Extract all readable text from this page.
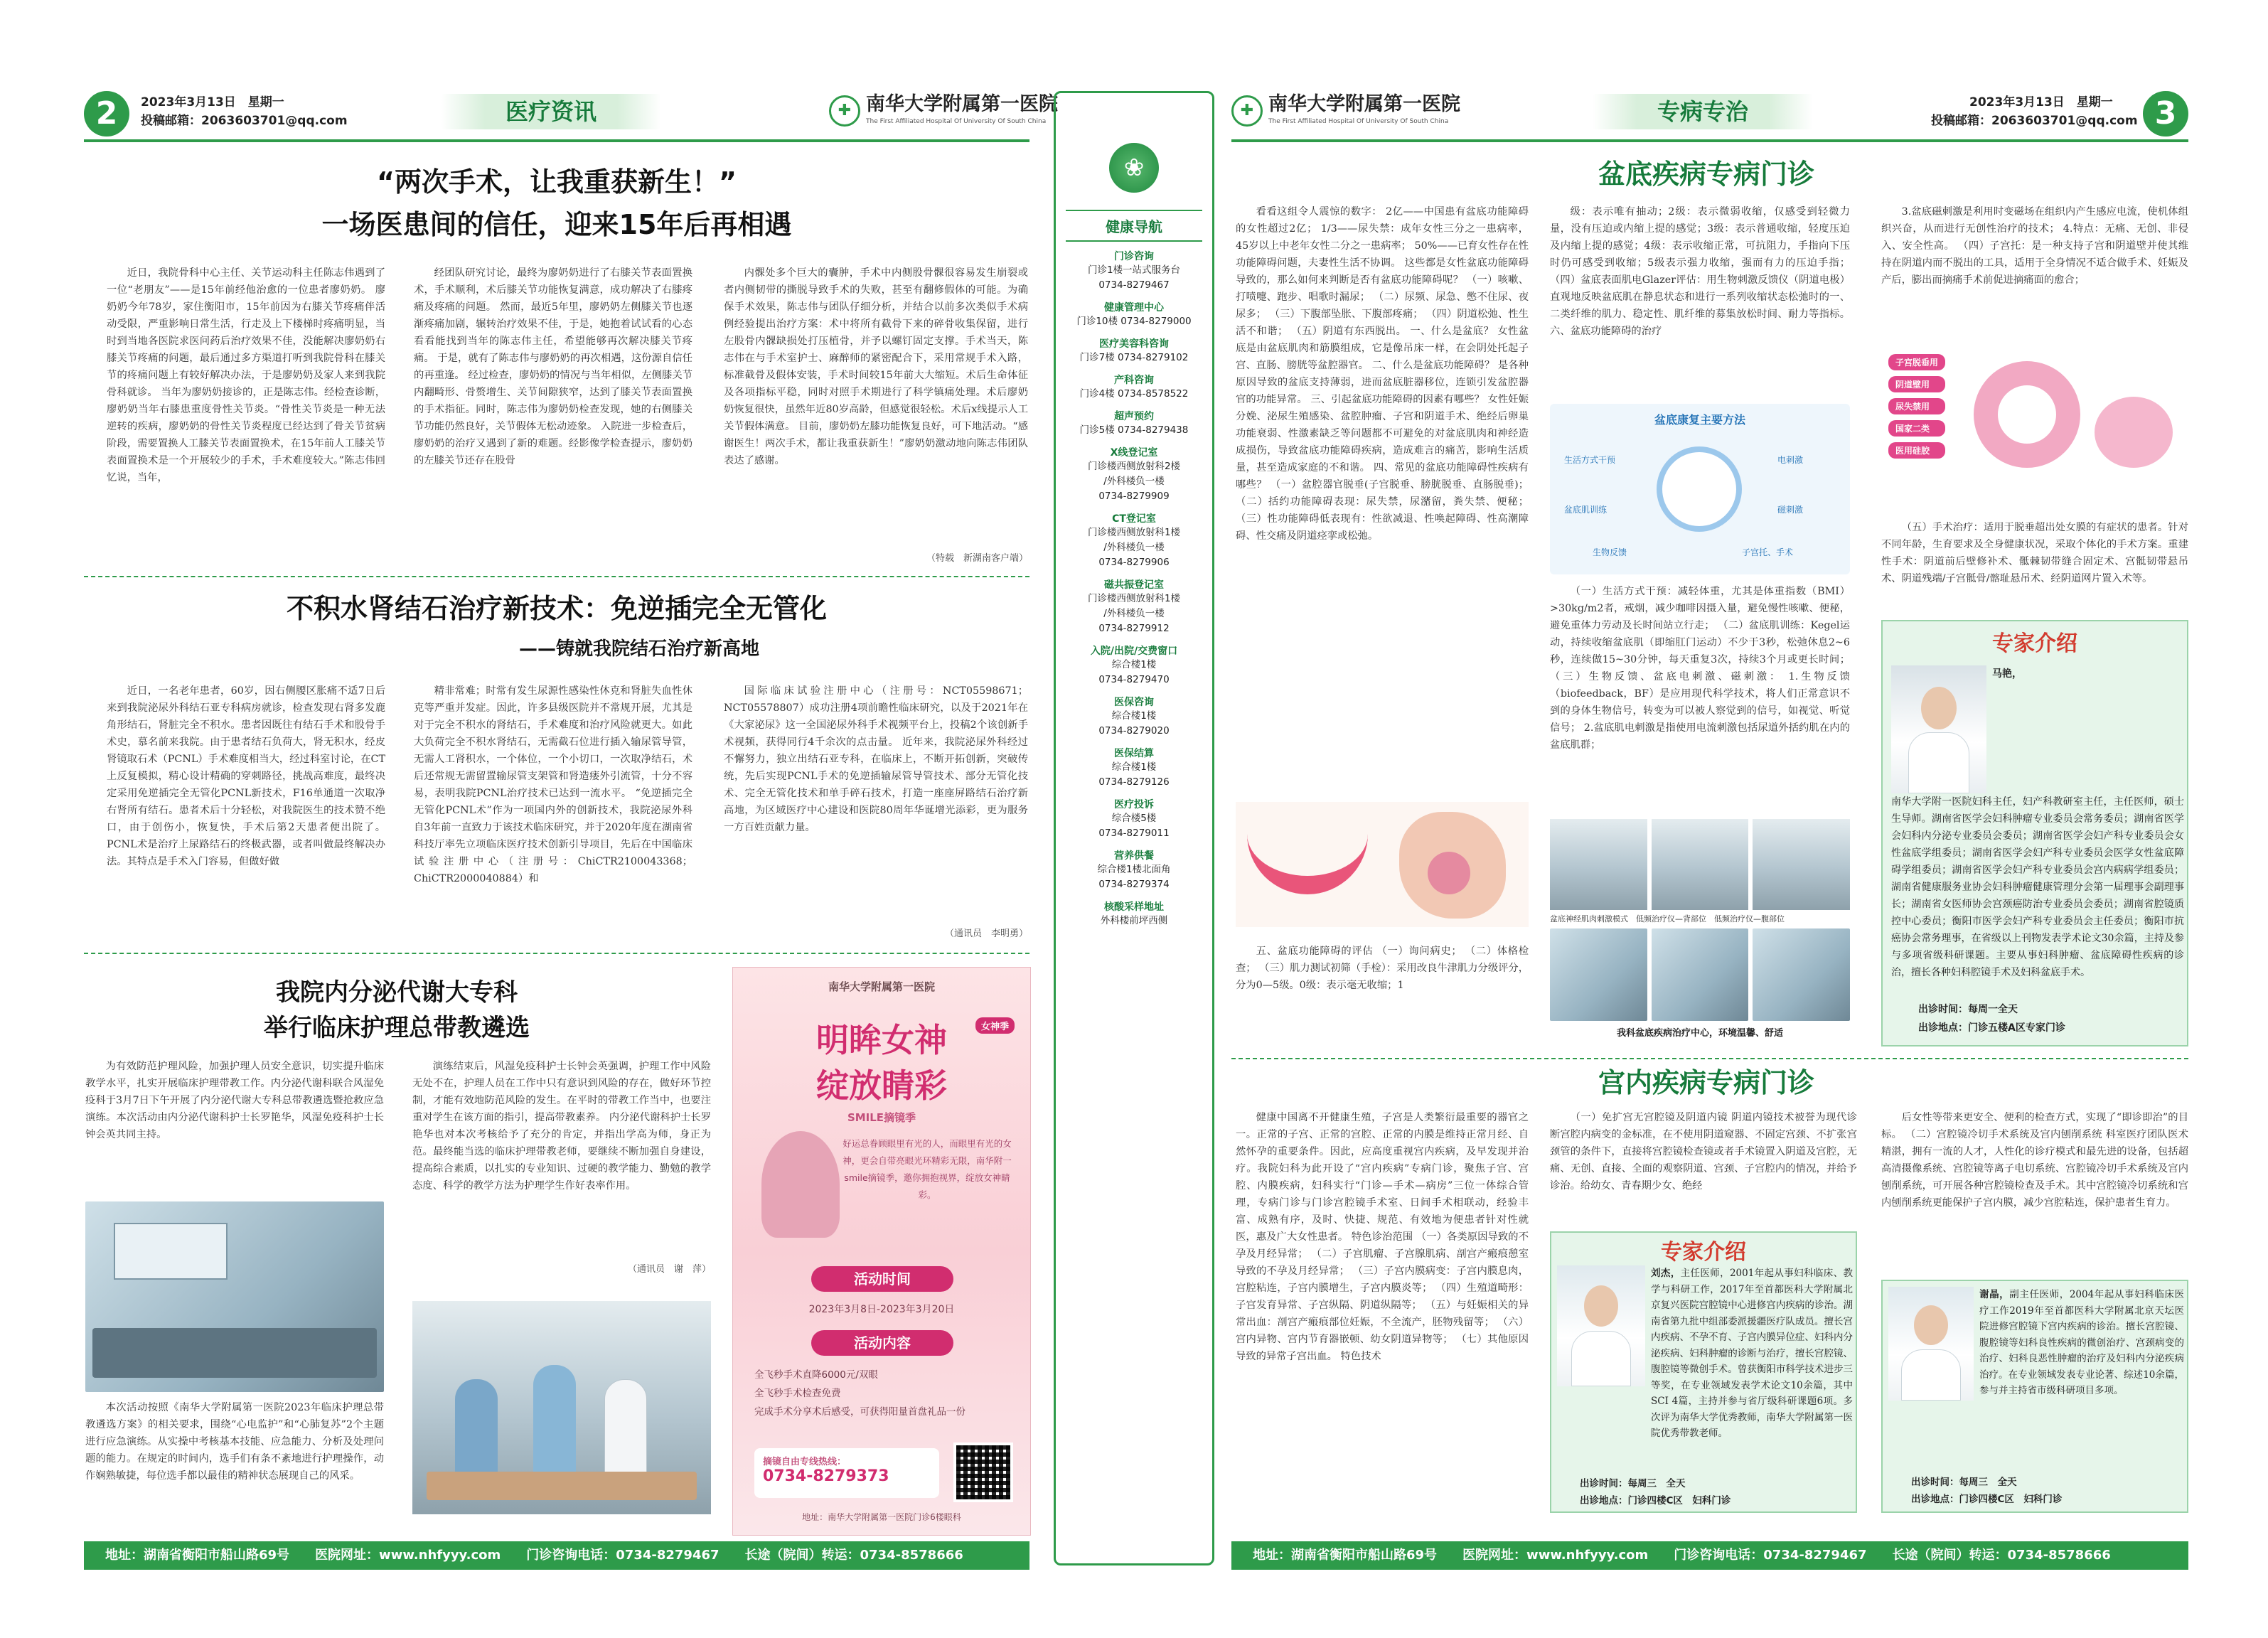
2	2023年3月13日　星期一
投稿邮箱：2063603701@qq.com	医疗资讯	✚ 南华大学附属第一医院
The First Affiliated Hospital Of University Of South China
“两次手术，让我重获新生！”
一场医患间的信任，迎来15年后再相遇
近日，我院骨科中心主任、关节运动科主任陈志伟遇到了一位“老朋友”——是15年前经他治愈的一位患者廖奶奶。 廖奶奶今年78岁，家住衡阳市，15年前因为右膝关节疼痛伴活动受限，严重影响日常生活，行走及上下楼梯时疼痛明显，当时到当地各医院求医问药后治疗效果不佳，没能解决廖奶奶右膝关节疼痛的问题，最后通过多方渠道打听到我院骨科在膝关节的疼痛问题上有较好解决办法，于是廖奶奶及家人来到我院骨科就诊。 当年为廖奶奶接诊的，正是陈志伟。经检查诊断，廖奶奶当年右膝患重度骨性关节炎。“骨性关节炎是一种无法逆转的疾病，廖奶奶的骨性关节炎程度已经达到了骨关节贫病阶段，需要置换人工膝关节表面置换术，在15年前人工膝关节表面置换术是一个开展较少的手术，手术难度较大。”陈志伟回忆说，当年，
经团队研究讨论，最终为廖奶奶进行了右膝关节表面置换术，手术顺利，术后膝关节功能恢复满意，成功解决了右膝疼痛及疼痛的问题。 然而，最近5年里，廖奶奶左侧膝关节也逐渐疼痛加剧，辗转治疗效果不佳，于是，她抱着试试看的心态看看能找到当年的陈志伟主任，希望能够再次解决膝关节疼痛。 于是，就有了陈志伟与廖奶奶的再次相遇，这份源自信任的再重逢。 经过检查，廖奶奶的情况与当年相似，左侧膝关节内翻畸形、骨赘增生、关节间隙狭窄，达到了膝关节表面置换的手术指征。同时，陈志伟为廖奶奶检查发现，她的右侧膝关节功能仍然良好，关节假体无松动迹象。 入院进一步检查后，廖奶奶的治疗又遇到了新的难题。经影像学检查提示，廖奶奶的左膝关节还存在股骨
内髁处多个巨大的囊肿，手术中内侧股骨髁很容易发生崩裂或者内侧韧带的撕脱导致手术的失败，甚至有翻修假体的可能。为确保手术效果，陈志伟与团队仔细分析，并结合以前多次类似手术病例经验提出治疗方案：术中将所有截骨下来的碎骨收集保留，进行左股骨内髁缺损处打压植骨，并予以螺钉固定支撑。手术当天，陈志伟在与手术室护士、麻醉师的紧密配合下，采用常规手术入路，标准截骨及假体安装，手术时间较15年前大大缩短。术后生命体征及各项指标平稳，同时对照手术期进行了科学镇痛处理。术后廖奶奶恢复很快，虽然年近80岁高龄，但感觉很轻松。术后x线提示人工关节假体满意。 目前，廖奶奶左膝功能恢复良好，可下地活动。“感谢医生！两次手术，都让我重获新生！”廖奶奶激动地向陈志伟团队表达了感谢。
（特载　新湖南客户端）
不积水肾结石治疗新技术：免逆插完全无管化
——铸就我院结石治疗新高地
近日，一名老年患者，60岁，因右侧腰区胀痛不适7日后来到我院泌尿外科结石亚专科病房就诊，检查发现右肾多发鹿角形结石，肾脏完全不积水。患者因既往有结石手术和股骨手术史，慕名前来我院。由于患者结石负荷大，肾无积水，经皮肾镜取石术（PCNL）手术难度相当大，经过科室讨论，在CT上反复模拟，精心设计精确的穿刺路径，挑战高难度，最终决定采用免逆插完全无管化PCNL新技术，F16单通道一次取净右肾所有结石。患者术后十分轻松，对我院医生的技术赞不绝口，由于创伤小，恢复快，手术后第2天患者便出院了。 PCNL术是治疗上尿路结石的终极武器，或者叫做最终解决办法。其特点是手术入门容易，但做好做
精非常难；时常有发生尿源性感染性休克和肾脏失血性休克等严重并发症。因此，许多县级医院并不常规开展，尤其是对于完全不积水的肾结石，手术难度和治疗风险就更大。如此大负荷完全不积水肾结石，无需截石位进行插入输尿管导管，无需人工肾积水，一个体位，一个小切口，一次取净结石，术后还常规无需留置输尿管支架管和肾造瘘外引流管，十分不容易，表明我院PCNL治疗技术已达到一流水平。 “免逆插完全无管化PCNL术”作为一项国内外的创新技术，我院泌尿外科自3年前一直致力于该技术临床研究，并于2020年度在湖南省科技厅率先立项临床医疗技术创新引导项目，先后在中国临床试验注册中心（注册号：ChiCTR2100043368；ChiCTR2000040884）和
国际临床试验注册中心（注册号：NCT05598671；NCT05578807）成功注册4项前瞻性临床研究，以及于2021年在《大家泌尿》这一全国泌尿外科手术视频平台上，投稿2个该创新手术视频，获得同行4千余次的点击量。 近年来，我院泌尿外科经过不懈努力，独立出结石亚专科，在临床上，不断开拓创新，突破传统，先后实现PCNL手术的免逆插输尿管导管技术、部分无管化技术、完全无管化技术和单手碎石技术，打造一座座屏路结石治疗新高地，为区域医疗中心建设和医院80周年华诞增光添彩，更为服务一方百姓贡献力量。
（通讯员　李明勇）
我院内分泌代谢大专科
举行临床护理总带教遴选
为有效防范护理风险，加强护理人员安全意识，切实提升临床教学水平，扎实开展临床护理带教工作。内分泌代谢科联合风湿免疫科于3月7日下午开展了内分泌代谢大专科总带教遴选暨抢救应急演练。本次活动由内分泌代谢科护士长罗艳华，风湿免疫科护士长钟会英共同主持。
演练结束后，风湿免疫科护士长钟会英强调，护理工作中风险无处不在，护理人员在工作中只有意识到风险的存在，做好环节控制，才能有效地防范风险的发生。在平时的带教工作当中，也要注重对学生在该方面的指引，提高带教素养。 内分泌代谢科护士长罗艳华也对本次考核给予了充分的肯定，并指出学高为师，身正为范。最终能当选的临床护理带教老师，要继续不断加强自身建设，提高综合素质，以扎实的专业知识、过硬的教学能力、勤勉的教学态度、科学的教学方法为护理学生作好表率作用。
（通讯员　谢　萍）
本次活动按照《南华大学附属第一医院2023年临床护理总带教遴选方案》的相关要求，围绕“心电监护”和“心肺复苏”2个主题进行应急演练。从实操中考核基本技能、应急能力、分析及处理问题的能力。在规定的时间内，选手们有条不紊地进行护理操作，动作娴熟敏捷，每位选手都以最佳的精神状态展现自己的风采。
南华大学附属第一医院
明眸女神	女神季
绽放睛彩
SMILE摘镜季
好运总眷顾眼里有光的人，而眼里有光的女神，更会自带亮眼光环精彩无限，南华附一smile摘镜季，邀你拥抱视界，绽放女神睛彩。
活动时间
2023年3月8日-2023年3月20日
活动内容
全飞秒手术直降6000元/双眼
全飞秒手术检查免费
完成手术分享术后感受，可获得阳量首盘礼品一份
摘镜自由专线热线：
0734-8279373
地址：南华大学附属第一医院门诊6楼眼科
❀
健康导航
门诊咨询
门诊1楼一站式服务台
0734-8279467
健康管理中心
门诊10楼 0734-8279000
医疗美容科咨询
门诊7楼 0734-8279102
产科咨询
门诊4楼 0734-8578522
超声预约
门诊5楼 0734-8279438
X线登记室
门诊楼西侧放射科2楼
/外科楼负一楼
0734-8279909
CT登记室
门诊楼西侧放射科1楼
/外科楼负一楼
0734-8279906
磁共振登记室
门诊楼西侧放射科1楼
/外科楼负一楼
0734-8279912
入院/出院/交费窗口
综合楼1楼
0734-8279470
医保咨询
综合楼1楼
0734-8279020
医保结算
综合楼1楼
0734-8279126
医疗投诉
综合楼5楼
0734-8279011
营养供餐
综合楼1楼北面角
0734-8279374
核酸采样地址
外科楼前坪西侧
✚ 南华大学附属第一医院
The First Affiliated Hospital Of University Of South China	专病专治	2023年3月13日　星期一
投稿邮箱：2063603701@qq.com 3
盆底疾病专病门诊
看看这组令人震惊的数字： 2亿——中国患有盆底功能障碍的女性超过2亿； 1/3——尿失禁：成年女性三分之一患病率，45岁以上中老年女性二分之一患病率； 50%——已育女性存在性功能障碍问题，夫妻性生活不协调。 这些都是女性盆底功能障碍导致的，那么如何来判断是否有盆底功能障碍呢？ （一）咳嗽、打喷嚏、跑步、唱歌时漏尿； （二）尿频、尿急、憋不住尿、夜尿多； （三）下腹部坠胀、下腹部疼痛； （四）阴道松弛、性生活不和谐； （五）阴道有东西脱出。 一、什么是盆底？ 女性盆底是由盆底肌肉和筋膜组成，它是像吊床一样，在会阴处托起子宫、直肠、膀胱等盆腔器官。 二、什么是盆底功能障碍？ 是各种原因导致的盆底支持薄弱，进而盆底脏器移位，连锁引发盆腔器官的功能异常。 三、引起盆底功能障碍的因素有哪些？ 女性妊娠分娩、泌尿生殖感染、盆腔肿瘤、子宫和阴道手术、绝经后卵巢功能衰弱、性激素缺乏等问题都不可避免的对盆底肌肉和神经造成损伤，导致盆底功能障碍疾病，造成难言的痛苦，影响生活质量，甚至造成家庭的不和谐。 四、常见的盆底功能障碍性疾病有哪些？ （一）盆腔器官脱垂(子宫脱垂、膀胱脱垂、直肠脱垂)； （二）括约功能障碍表现：尿失禁，尿潴留，粪失禁、便秘； （三）性功能障碍低表现有：性欲减退、性唤起障碍、性高潮障碍、性交痛及阴道痉挛或松弛。
五、盆底功能障碍的评估 （一）询问病史； （二）体格检查； （三）肌力测试初筛（手检）：采用改良牛津肌力分级评分，分为0—5级。0级：表示毫无收缩；1
级：表示唯有抽动；2级：表示微弱收缩，仅感受到轻微力量，没有压迫或内缩上提的感觉；3级：表示普通收缩，轻度压迫及内缩上提的感觉；4级：表示收缩正常，可抗阻力，手指向下压时仍可感受到收缩；5级表示强力收缩，强而有力的压迫手指； （四）盆底表面肌电Glazer评估：用生物刺激反馈仪（阴道电极）直观地反映盆底肌在静息状态和进行一系列收缩状态松弛时的一、二类纤维的肌力、稳定性、肌纤维的募集放松时间、耐力等指标。 六、盆底功能障碍的治疗
盆底康复主要方法
生活方式干预	电刺激
盆底肌训练	磁刺激
生物反馈	子宫托、手术
（一）生活方式干预：减轻体重，尤其是体重指数（BMI）>30kg/m2者，戒烟，减少咖啡因摄入量，避免慢性咳嗽、便秘，避免重体力劳动及长时间站立行走； （二）盆底肌训练：Kegel运动，持续收缩盆底肌（即缩肛门运动）不少于3秒，松弛休息2~6秒，连续做15~30分钟，每天重复3次，持续3个月或更长时间； （三）生物反馈、盆底电刺激、磁刺激： 1.生物反馈（biofeedback，BF）是应用现代科学技术，将人们正常意识不到的身体生物信号，转变为可以被人察觉到的信号，如视觉、听觉信号； 2.盆底肌电刺激是指使用电流刺激包括尿道外括约肌在内的盆底肌群；
盆底神经肌肉刺激模式　低频治疗仪—背部位　低频治疗仪—腹部位
我科盆底疾病治疗中心，环境温馨、舒适
3.盆底磁刺激是利用时变磁场在组织内产生感应电流，使机体组织兴奋，从而进行无创性治疗的技术； 4.特点：无痛、无创、非侵入、安全性高。 （四）子宫托：是一种支持子宫和阴道壁并使其维持在阴道内而不脱出的工具，适用于全身情况不适合做手术、妊娠及产后，膨出而摘痛手术前促进摘痛面的愈合；
子宫脱垂用
阴道壁用
尿失禁用
国家二类
医用硅胶
（五）手术治疗：适用于脱垂超出处女膜的有症状的患者。针对不同年龄，生育要求及全身健康状况，采取个体化的手术方案。重建性手术：阴道前后壁修补术、骶棘韧带缝合固定术、宫骶韧带悬吊术、阴道残端/子宫骶骨/髂耻悬吊术、经阴道网片置入术等。
专家介绍
马艳，
南华大学附一医院妇科主任，妇产科教研室主任，主任医师，硕士生导师。湖南省医学会妇科肿瘤专业委员会常务委员；湖南省医学会妇科内分泌专业委员会委员；湖南省医学会妇产科专业委员会女性盆底学组委员；湖南省医学会妇产科专业委员会医学女性盆底障碍学组委员；湖南省医学会妇产科专业委员会宫内病病学组委员；湖南省健康服务业协会妇科肿瘤健康管理分会第一届理事会副理事长；湖南省女医师协会宫颈癌防治专业委员会委员；湖南省腔镜质控中心委员；衡阳市医学会妇产科专业委员会主任委员；衡阳市抗癌协会常务理事，在省级以上刊物发表学术论文30余篇，主持及参与多项省级科研课题。主要从事妇科肿瘤、盆底障碍性疾病的诊治，擅长各种妇科腔镜手术及妇科盆底手术。
出诊时间：每周一全天
出诊地点：门诊五楼A区专家门诊
宫内疾病专病门诊
健康中国离不开健康生殖，子宫是人类繁衍最重要的器官之一。正常的子宫、正常的宫腔、正常的内膜是维持正常月经、自然怀孕的重要条件。因此，应高度重视宫内疾病，及早发现并治疗。我院妇科为此开设了“宫内疾病”专病门诊，聚焦子宫、宫腔、内膜疾病，妇科实行“门诊—手术—病房”三位一体综合管理，专病门诊与门诊宫腔镜手术室、日间手术相联动，经验丰富、成熟有序，及时、快捷、规范、有效地为便患者针对性就医，惠及广大女性患者。 特色诊治范围 （一）各类原因导致的不孕及月经异常； （二）子宫肌瘤、子宫腺肌病、剖宫产瘢痕憩室导致的不孕及月经异常； （三）子宫内膜病变：子宫内膜息肉，宫腔粘连，子宫内膜增生，子宫内膜炎等； （四）生殖道畸形：子宫发育异常、子宫纵隔、阴道纵隔等； （五）与妊娠相关的异常出血：剖宫产瘢痕部位妊娠，不全流产，胚物残留等； （六）宫内异物、宫内节育器嵌顿、幼女阴道异物等； （七）其他原因导致的异常子宫出血。 特色技术
（一）免扩宫无宫腔镜及阴道内镜 阴道内镜技术被誉为现代诊断宫腔内病变的金标准，在不使用阴道窥器、不固定宫颈、不扩张宫颈管的条件下，直接将宫腔镜检查镜或者手术镜置入阴道及宫腔，无痛、无创、直接、全面的观察阴道、宫颈、子宫腔内的情况，并给予诊治。给幼女、青春期少女、绝经
专家介绍
刘杰，主任医师，2001年起从事妇科临床、教学与科研工作，2017年至首都医科大学附属北京复兴医院宫腔镜中心进修宫内疾病的诊治。湖南省第九批中组部委派援疆医疗队成员。擅长宫内疾病、不孕不育、子宫内膜异位症、妇科内分泌疾病、妇科肿瘤的诊断与治疗，擅长宫腔镜、腹腔镜等微创手术。曾获衡阳市科学技术进步三等奖，在专业领域发表学术论文10余篇，其中SCI 4篇，主持并参与省厅级科研课题6项。多次评为南华大学优秀教师，南华大学附属第一医院优秀带教老师。
出诊时间：每周三　全天
出诊地点：门诊四楼C区　妇科门诊
后女性等带来更安全、便利的检查方式，实现了“即诊即治”的目标。 （二）宫腔镜冷切手术系统及宫内刨削系统 科室医疗团队医术精湛，拥有一流的人才，人性化的诊疗模式和最先进的设备，包括超高清摄像系统、宫腔镜等离子电切系统、宫腔镜冷切手术系统及宫内刨削系统，可开展各种宫腔镜检查及手术。其中宫腔镜冷切系统和宫内刨削系统更能保护子宫内膜，减少宫腔粘连，保护患者生育力。
谢晶，副主任医师，2004年起从事妇科临床医疗工作2019年至首都医科大学附属北京天坛医院进修宫腔镜下宫内疾病的诊治。擅长宫腔镜、腹腔镜等妇科良性疾病的微创治疗、宫颈病变的治疗、妇科良恶性肿瘤的治疗及妇科内分泌疾病治疗。在专业领域发表专业论著、综述10余篇，参与并主持省市级科研项目多项。
出诊时间：每周三　全天
出诊地点：门诊四楼C区　妇科门诊
地址：湖南省衡阳市船山路69号 医院网址：www.nhfyyy.com 门诊咨询电话：0734-8279467 长途（院间）转运：0734-8578666	地址：湖南省衡阳市船山路69号 医院网址：www.nhfyyy.com 门诊咨询电话：0734-8279467 长途（院间）转运：0734-8578666
